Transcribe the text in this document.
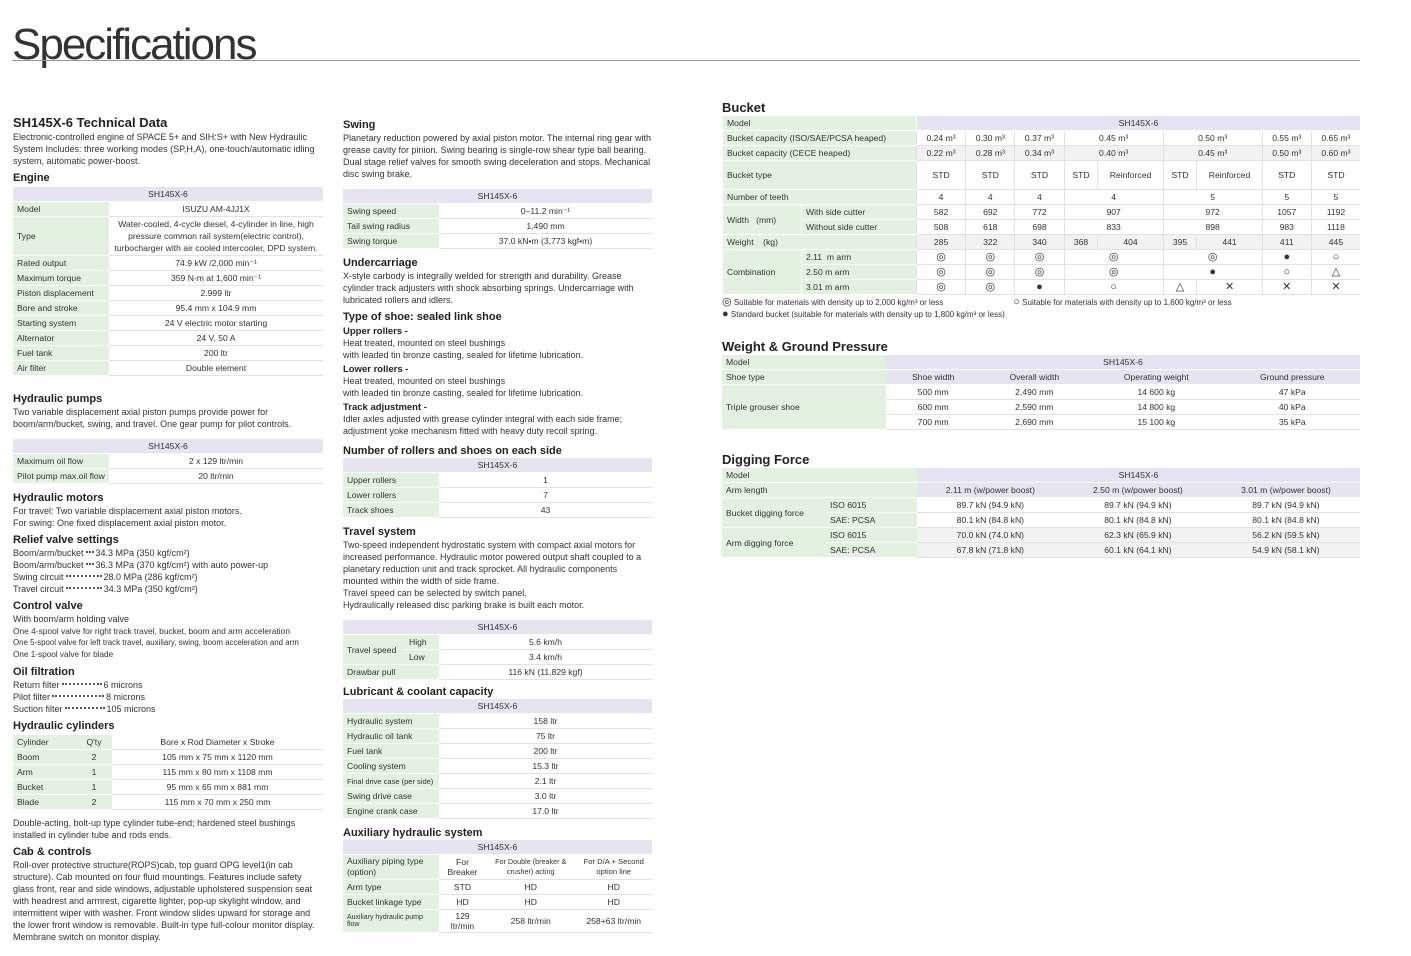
Specifications
SH145X-6 Technical Data

Electronic-controlled engine of SPACE 5+ and SIH:S+ with New Hydraulic System Includes: three working modes (SP,H,A), one-touch/automatic idling system, automatic power-boost.

Engine
SH145X-6	
Model	ISUZU AM-4JJ1X
Type	Water-cooled, 4-cycle diesel, 4-cylinder in line, high pressure common rail system(electric control), turbocharger with air cooled intercooler, DPD system.
Rated output	74.9 kW /2,000 min⁻¹
Maximum torque	359 N-m at 1,600 min⁻¹
Piston displacement	2.999 ltr
Bore and stroke	95.4 mm x 104.9 mm
Starting system	24 V electric motor starting
Alternator	24 V, 50 A
Fuel tank	200 ltr
Air filter	Double element
Hydraulic pumps

Two variable displacement axial piston pumps provide power for boom/arm/bucket, swing, and travel. One gear pump for pilot controls.

SH145X-6	
Maximum oil flow	2 x 129 ltr/min
Pilot pump max.oil flow	20 ltr/min
Hydraulic motors

For travel: Two variable displacement axial piston motors.

For swing: One fixed displacement axial piston motor.

Relief valve settings

Boom/arm/bucket 34.3 MPa (350 kgf/cm²)

Boom/arm/bucket 36.3 MPa (370 kgf/cm²) with auto power-up

Swing circuit	28.0 MPa (286 kgf/cm²)

Travel circuit	34.3 MPa (350 kgf/cm²)

Control valve

With boom/arm holding valve

One 4-spool valve for right track travel, bucket, boom and arm acceleration

One 5-spool valve for left track travel, auxiliary, swing, boom acceleration and arm

One 1-spool valve for blade

Oil filtration

Return filter	6 microns

Pilot filter	8 microns

Suction filter	105 microns

Hydraulic cylinders
Cylinder	Q'ty	Bore x Rod Diameter x Stroke
Boom	2	105 mm x 75 mm x 1120 mm
Arm	1	115 mm x 80 mm x 1108 mm
Bucket	1	95 mm x 65 mm x 881 mm
Blade	2	115 mm x 70 mm x 250 mm

Double-acting, bolt-up type cylinder tube-end; hardened steel bushings installed in cylinder tube and rods ends.

Cab & controls

Roll-over protective structure(ROPS)cab, top guard OPG level1(in cab structure). Cab mounted on four fluid mountings. Features include safety glass front, rear and side windows, adjustable upholstered suspension seat with headrest and armrest, cigarette lighter, pop-up skylight window, and intermittent wiper with washer. Front window slides upward for storage and the lower front window is removable. Built-in type full-colour monitor display. Membrane switch on monitor display.

Swing

Planetary reduction powered by axial piston motor. The internal ring gear with grease cavity for pinion. Swing bearing is single-row shear type ball bearing. Dual stage relief valves for smooth swing deceleration and stops. Mechanical disc swing brake.

SH145X-6	
Swing speed	0–11.2 min⁻¹
Tail swing radius	1,490 mm
Swing torque	37.0 kN•m (3,773 kgf•m)
Undercarriage

X-style carbody is integrally welded for strength and durability. Grease cylinder track adjusters with shock absorbing springs. Undercarriage with lubricated rollers and idlers.

Type of shoe: sealed link shoe
Upper rollers -

Heat treated, mounted on steel bushings

with leaded tin bronze casting, sealed for lifetime lubrication.

Lower rollers -

Heat treated, mounted on steel bushings

with leaded tin bronze casting, sealed for lifetime lubrication.

Track adjustment -

Idler axles adjusted with grease cylinder integral with each side frame;

adjustment yoke mechanism fitted with heavy duty recoil spring.

Number of rollers and shoes on each side
SH145X-6	
Upper rollers	1
Lower rollers	7
Track shoes	43
Travel system

Two-speed independent hydrostatic system with compact axial motors for increased performance. Hydraulic motor powered output shaft coupled to a planetary reduction unit and track sprocket. All hydraulic components mounted within the width of side frame.

Travel speed can be selected by switch panel.

Hydraulically released disc parking brake is built each motor.

SH145X-6		
Travel speed	High	5.6 km/h
	Low	3.4 km/h
Drawbar pull		116 kN (11,829 kgf)
Lubricant & coolant capacity
SH145X-6	
Hydraulic system	158 ltr
Hydraulic oil tank	75 ltr
Fuel tank	200 ltr
Cooling system	15.3 ltr
Final drive case (per side)	2.1 ltr
Swing drive case	3.0 ltr
Engine crank case	17.0 ltr
Auxiliary hydraulic system
SH145X-6			
Auxiliary piping type (option)	For Breaker	For Double (breaker & crusher) acting	For D/A + Second option line
Arm type	STD	HD	HD
Bucket linkage type	HD	HD	HD
Auxiliary hydraulic pump flow	129 ltr/min	258 ltr/min	258+63 ltr/min
Bucket
Model		SH145X-6								
Bucket capacity (ISO/SAE/PCSA heaped)		0.24 m³	0.30 m³	0.37 m³	0.45 m³		0.50 m³		0.55 m³	0.65 m³
Bucket capacity (CECE heaped)		0.22 m³	0.28 m³	0.34 m³	0.40 m³		0.45 m³		0.50 m³	0.60 m³
Bucket type		STD	STD	STD	STD	Reinforced	STD	Reinforced	STD	STD
Number of teeth		4	4	4	4		5		5	5
Width   (mm)	With side cutter	582	692	772	907		972		1057	1192
	Without side cutter	508	618	698	833		898		983	1118
Weight    (kg)		285	322	340	368	404	395	441	411	445
Combination	2.11  m arm	◎	◎	◎	◎		◎		●	○
	2.50 m arm	◎	◎	◎	◎		●		○	△
	3.01 m arm	◎	◎	●	○		△	✕	✕	✕
◎ Suitable for materials with density up to 2,000 kg/m³ or less	○ Suitable for materials with density up to 1,600 kg/m³ or less
● Standard bucket (suitable for materials with density up to 1,800 kg/m³ or less)
Weight & Ground Pressure
Model	SH145X-6			
Shoe type	Shoe width	Overall width	Operating weight	Ground pressure
Triple grouser shoe	500 mm	2,490 mm	14 600 kg	47 kPa
	600 mm	2,590 mm	14 800 kg	40 kPa
	700 mm	2,690 mm	15 100 kg	35 kPa
Digging Force
Model		SH145X-6		
Arm length		2.11 m (w/power boost)	2.50 m (w/power boost)	3.01 m (w/power boost)
Bucket digging force	ISO 6015	89.7 kN (94.9 kN)	89.7 kN (94.9 kN)	89.7 kN (94.9 kN)
	SAE: PCSA	80.1 kN (84.8 kN)	80.1 kN (84.8 kN)	80.1 kN (84.8 kN)
Arm digging force	ISO 6015	70.0 kN (74.0 kN)	62.3 kN (65.9 kN)	56.2 kN (59.5 kN)
	SAE: PCSA	67.8 kN (71.8 kN)	60.1 kN (64.1 kN)	54.9 kN (58.1 kN)
